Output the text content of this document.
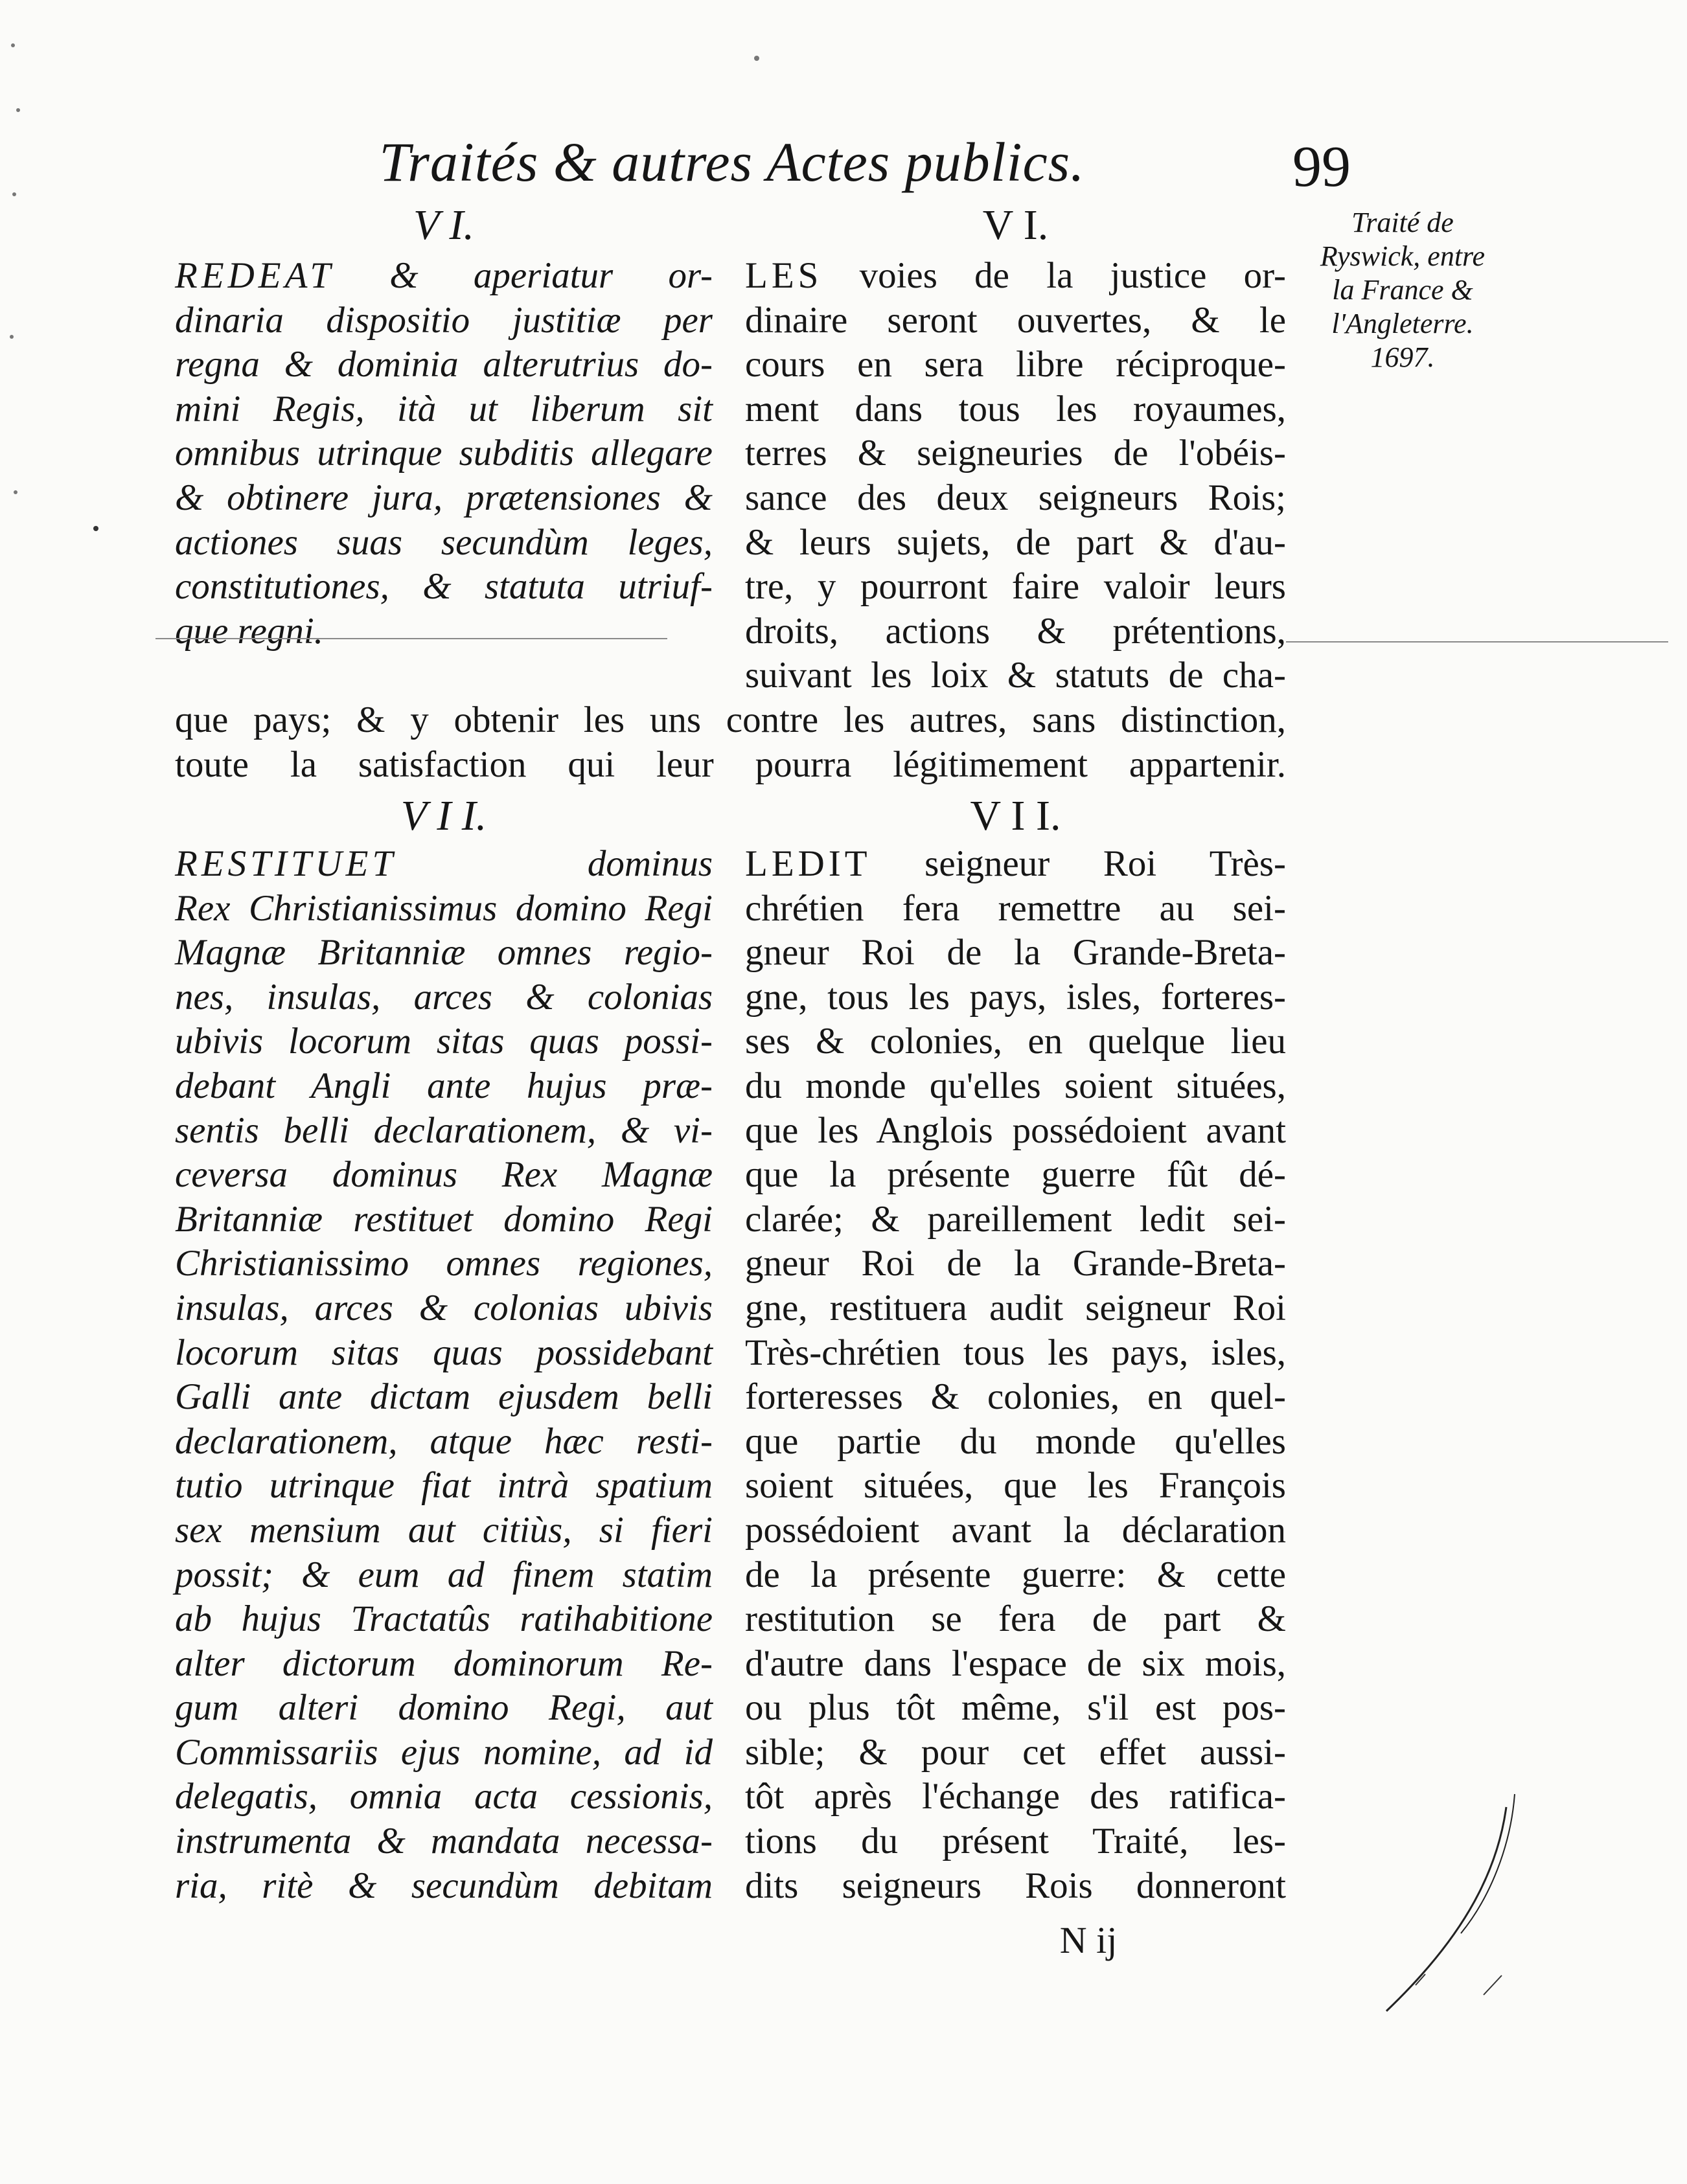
Traités & autres Actes publics.	99
Traité de
Ryswick, entre
la France &
l'Angleterre.
1697.
V I.	V I.
REDEAT & aperiatur or-
dinaria dispositio justitiæ per
regna & dominia alterutrius do-
mini Regis, ità ut liberum sit
omnibus utrinque subditis allegare
& obtinere jura, prætensiones &
actiones suas secundùm leges,
constitutiones, & statuta utriuf-
que regni.
LES voies de la justice or-
dinaire seront ouvertes, & le
cours en sera libre réciproque-
ment dans tous les royaumes,
terres & seigneuries de l'obéis-
sance des deux seigneurs Rois;
& leurs sujets, de part & d'au-
tre, y pourront faire valoir leurs
droits, actions & prétentions,
suivant les loix & statuts de cha-
que pays; & y obtenir les uns contre les autres, sans distinction,
toute la satisfaction qui leur pourra légitimement appartenir.
V I I.	V I I.
RESTITUET dominus
Rex Christianissimus domino Regi
Magnæ Britanniæ omnes regio-
nes, insulas, arces & colonias
ubivis locorum sitas quas possi-
debant Angli ante hujus præ-
sentis belli declarationem, & vi-
ceversa dominus Rex Magnæ
Britanniæ restituet domino Regi
Christianissimo omnes regiones,
insulas, arces & colonias ubivis
locorum sitas quas possidebant
Galli ante dictam ejusdem belli
declarationem, atque hæc resti-
tutio utrinque fiat intrà spatium
sex mensium aut citiùs, si fieri
possit; & eum ad finem statim
ab hujus Tractatûs ratihabitione
alter dictorum dominorum Re-
gum alteri domino Regi, aut
Commissariis ejus nomine, ad id
delegatis, omnia acta cessionis,
instrumenta & mandata necessa-
ria, ritè & secundùm debitam
LEDIT seigneur Roi Très-
chrétien fera remettre au sei-
gneur Roi de la Grande-Breta-
gne, tous les pays, isles, forteres-
ses & colonies, en quelque lieu
du monde qu'elles soient situées,
que les Anglois possédoient avant
que la présente guerre fût dé-
clarée; & pareillement ledit sei-
gneur Roi de la Grande-Breta-
gne, restituera audit seigneur Roi
Très-chrétien tous les pays, isles,
forteresses & colonies, en quel-
que partie du monde qu'elles
soient situées, que les François
possédoient avant la déclaration
de la présente guerre: & cette
restitution se fera de part &
d'autre dans l'espace de six mois,
ou plus tôt même, s'il est pos-
sible; & pour cet effet aussi-
tôt après l'échange des ratifica-
tions du présent Traité, les-
dits seigneurs Rois donneront
N ij
